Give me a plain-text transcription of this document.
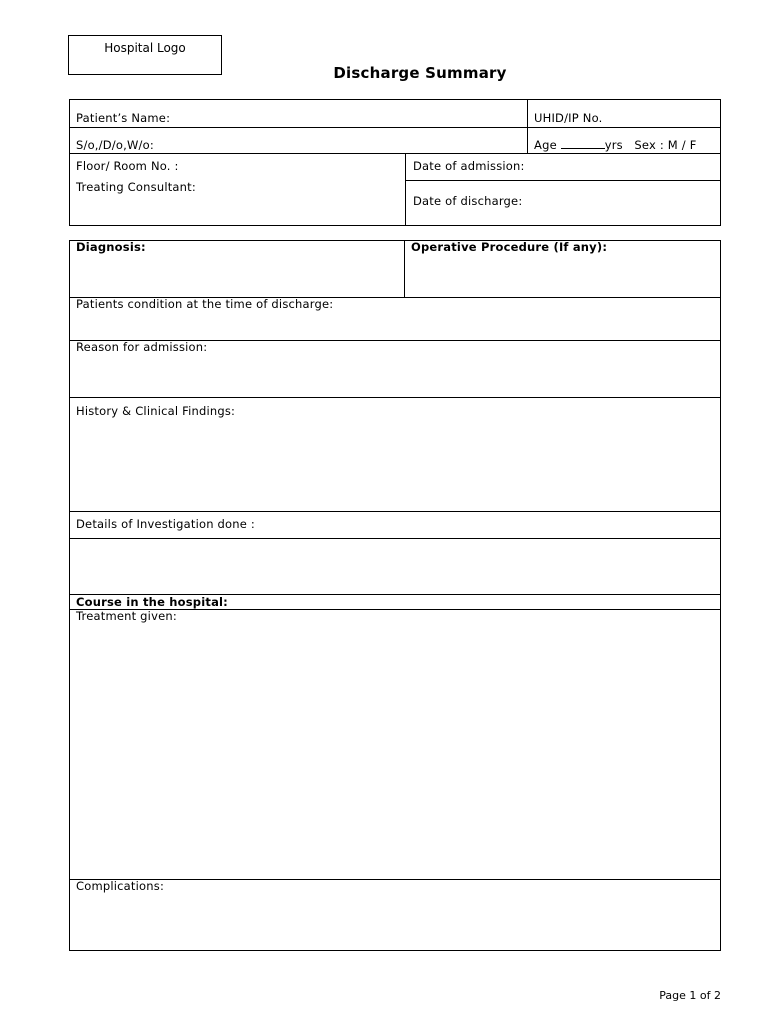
Hospital Logo
Discharge Summary
Patient’s Name:	UHID/IP No.
S/o,/D/o,W/o:	Age	yrs Sex : M / F
Floor/ Room No. :	Date of admission:
Treating Consultant:
Date of discharge:
Diagnosis:	Operative Procedure (If any):
Patients condition at the time of discharge:
Reason for admission:
History & Clinical Findings:
Details of Investigation done :
Course in the hospital:
Treatment given:
Complications:
Page 1 of 2
